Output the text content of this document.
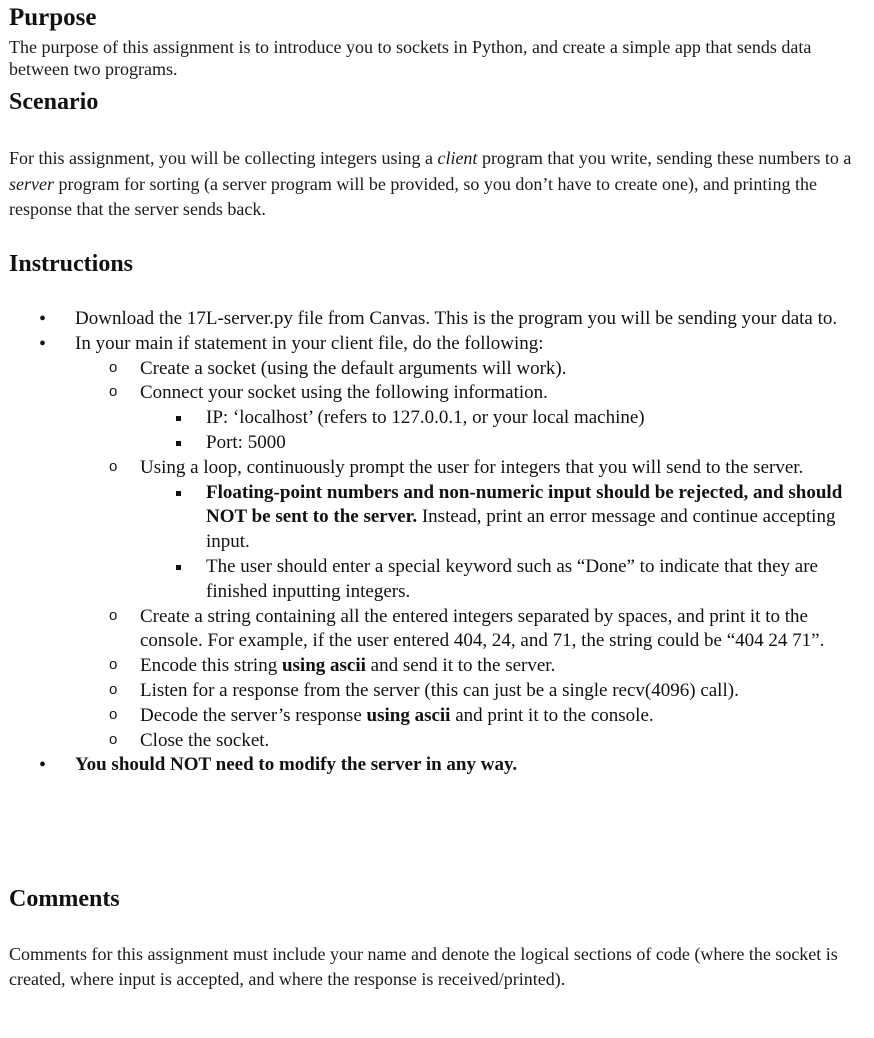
Purpose

The purpose of this assignment is to introduce you to sockets in Python, and create a simple app that sends data between two programs.

Scenario

For this assignment, you will be collecting integers using a client program that you write, sending these numbers to a server program for sorting (a server program will be provided, so you don’t have to create one), and printing the response that the server sends back.

Instructions
• Download the 17L-server.py file from Canvas. This is the program you will be sending your data to.
• In your main if statement in your client file, do the following:
o Create a socket (using the default arguments will work).
o Connect your socket using the following information.
IP: ‘localhost’ (refers to 127.0.0.1, or your local machine)
Port: 5000
o Using a loop, continuously prompt the user for integers that you will send to the server.
Floating-point numbers and non-numeric input should be rejected, and should NOT be sent to the server. Instead, print an error message and continue accepting input.
The user should enter a special keyword such as “Done” to indicate that they are finished inputting integers.
o Create a string containing all the entered integers separated by spaces, and print it to the console. For example, if the user entered 404, 24, and 71, the string could be “404 24 71”.
o Encode this string using ascii and send it to the server.
o Listen for a response from the server (this can just be a single recv(4096) call).
o Decode the server’s response using ascii and print it to the console.
o Close the socket.
• You should NOT need to modify the server in any way.
Comments

Comments for this assignment must include your name and denote the logical sections of code (where the socket is created, where input is accepted, and where the response is received/printed).
